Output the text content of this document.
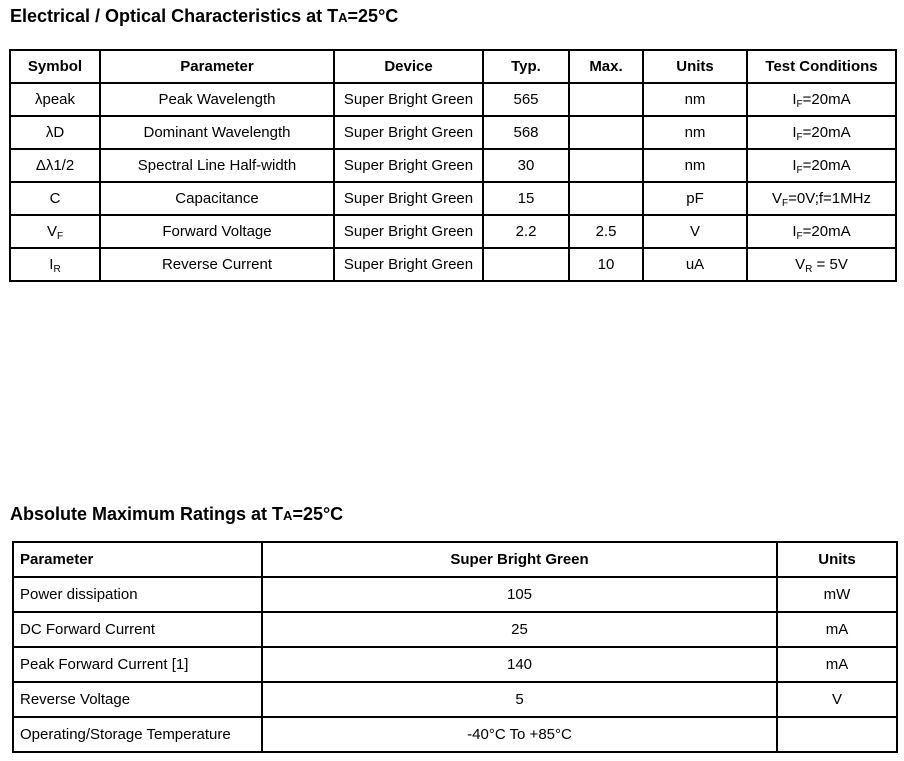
Electrical / Optical Characteristics at TA=25°C
Symbol	Parameter	Device	Typ.	Max.	Units	Test Conditions
λpeak	Peak Wavelength	Super Bright Green	565		nm	$I_F=20mA$
λD	Dominant Wavelength	Super Bright Green	568		nm	$I_F=20mA$
Δλ1/2	Spectral Line Half-width	Super Bright Green	30		nm	$I_F=20mA$
C	Capacitance	Super Bright Green	15		pF	$V_F=0V;f=1MHz$
$V_F$	Forward Voltage	Super Bright Green	2.2	2.5	V	$I_F=20mA$
$I_R$	Reverse Current	Super Bright Green		10	uA	$V_R = 5V$
Absolute Maximum Ratings at TA=25°C
Parameter	Super Bright Green	Units
Power dissipation	105	mW
DC Forward Current	25	mA
Peak Forward Current [1]	140	mA
Reverse Voltage	5	V
Operating/Storage Temperature	-40°C To +85°C	
